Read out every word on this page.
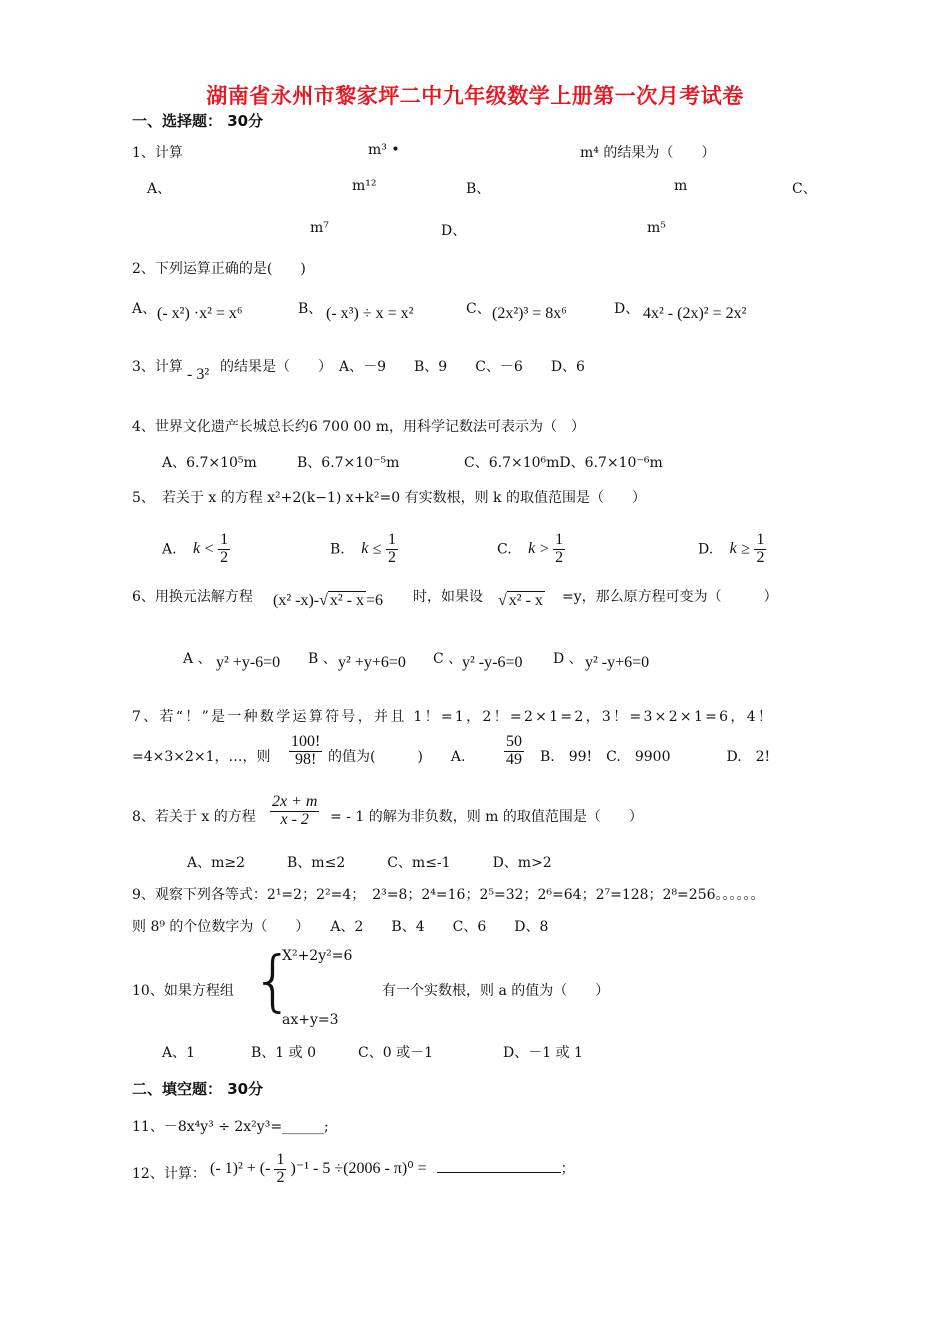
湖南省永州市黎家坪二中九年级数学上册第一次月考试卷
一、选择题： 30分
1、计算	m³ •	m⁴ 的结果为（　　）
A、	m¹²	B、	m	C、
m⁷	D、	m⁵
2、下列运算正确的是(　　)
A、 (- x²) ·x² = x⁶	B、 (- x³) ÷ x = x²	C、 (2x²)³ = 8x⁶	D、 4x² - (2x)² = 2x²
3、计算 - 3² 的结果是（　　）　A、－9　　B、9　　C、－6　　D、6
4、世界文化遗产长城总长约6 700 00 m，用科学记数法可表示为（　）
A、6.7×10⁵m	B、6.7×10⁻⁵m	C、6.7×10⁶mD、6.7×10⁻⁶m
5、　若关于 x 的方程 x²+2(k−1) x+k²=0 有实数根，则 k 的取值范围是（　　）
A. $k < \frac{1}{2}$	B. $k \le \frac{1}{2}$	C. $k > \frac{1}{2}$	D. $k \ge \frac{1}{2}$
6、用换元法解方程 (x² -x)-√ x² - x =6 时，如果设 √ x² - x =y，那么原方程可变为（　　　）
A 、 y² +y-6=0 B 、 y² +y+6=0 C 、 y² -y-6=0 D 、 y² -y+6=0
7、若“！”是一种数学运算符号，并且 1！=1，2！=2×1=2，3！=3×2×1=6，4！
=4×3×2×1，…，则 $\frac{100!}{98!}$ 的值为(　　　)　　A. $\frac{50}{49} B$.　99!　C.　9900　　　　D.　2!
8、若关于 x 的方程 $\frac{2x + m}{x - 2}$ = - 1 的解为非负数，则 m 的取值范围是（　　）
A、m≥2　　　B、m≤2　　　C、m≤-1　　　D、m>2
9、观察下列各等式：2¹=2；2²=4；　2³=8；2⁴=16；2⁵=32；2⁶=64；2⁷=128；2⁸=256。。。。。。
则 8⁹ 的个位数字为（　　）　　A、2　　B、4　　C、6　　D、8
10、如果方程组 {
X²+2y²=6
ax+y=3
有一个实数根，则 a 的值为（　　）
A、1　　　　B、1 或 0　　　C、0 或－1　　　　　D、－1 或 1
二、填空题： 30分
11、－8x⁴y³ ÷ 2x²y³=______;
12、计算： (- 1)² + (- $\frac{1}{2} )^{-1} - 5 \div(2006 - \pi)^0$ =	；
